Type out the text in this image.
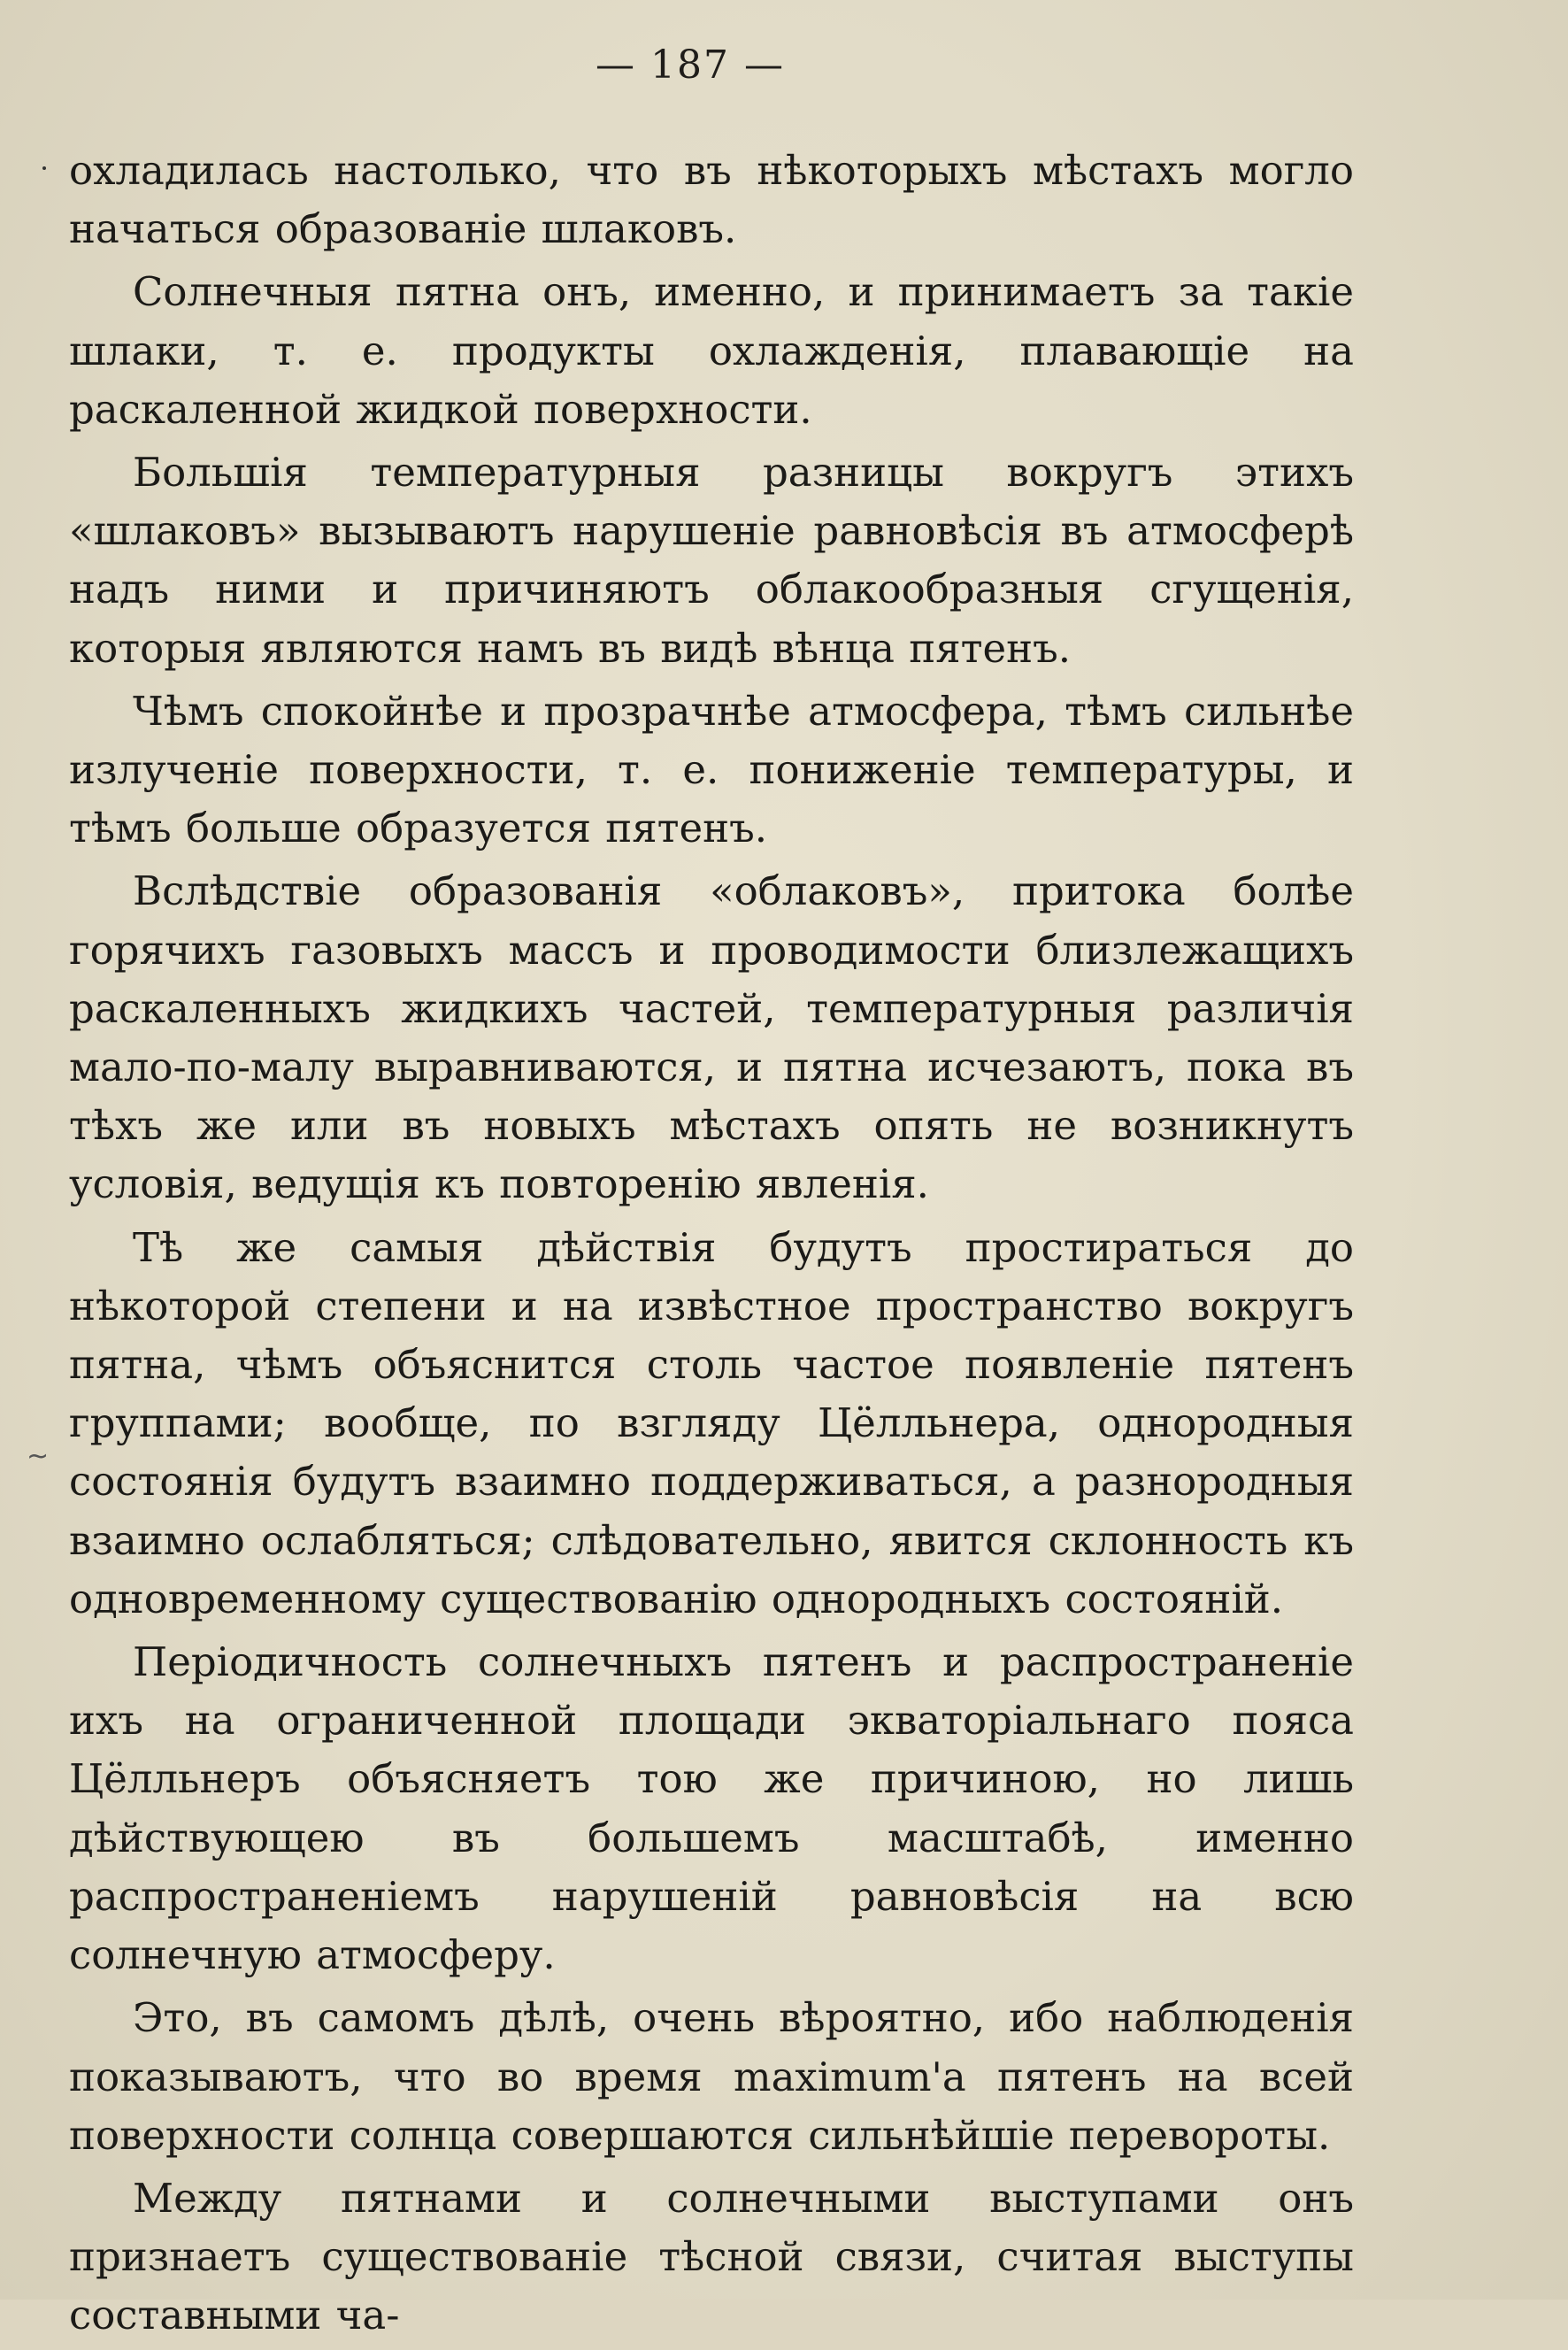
— 187 —

охладилась настолько, что въ нѣкоторыхъ мѣстахъ могло начаться образованіе шлаковъ.

Солнечныя пятна онъ, именно, и принимаетъ за такіе шлаки, т. е. продукты охлажденія, плавающіе на раскаленной жидкой поверхности.

Большія температурныя разницы вокругъ этихъ «шлаковъ» вызываютъ нарушеніе равновѣсія въ атмосферѣ надъ ними и причиняютъ облакообразныя сгущенія, которыя являются намъ въ видѣ вѣнца пятенъ.

Чѣмъ спокойнѣе и прозрачнѣе атмосфера, тѣмъ сильнѣе излученіе поверхности, т. е. пониженіе температуры, и тѣмъ больше образуется пятенъ.

Вслѣдствіе образованія «облаковъ», притока болѣе горячихъ газовыхъ массъ и проводимости близлежащихъ раскаленныхъ жидкихъ частей, температурныя различія мало-по-малу выравниваются, и пятна исчезаютъ, пока въ тѣхъ же или въ новыхъ мѣстахъ опять не возникнутъ условія, ведущія къ повторенію явленія.

Тѣ же самыя дѣйствія будутъ простираться до нѣкоторой степени и на извѣстное пространство вокругъ пятна, чѣмъ объяснится столь частое появленіе пятенъ группами; вообще, по взгляду Цёлльнера, однородныя состоянія будутъ взаимно поддерживаться, а разнородныя взаимно ослабляться; слѣдовательно, явится склонность къ одновременному существованію однородныхъ состояній.

Періодичность солнечныхъ пятенъ и распространеніе ихъ на ограниченной площади экваторіальнаго пояса Цёлльнеръ объясняетъ тою же причиною, но лишь дѣйствующею въ большемъ масштабѣ, именно распространеніемъ нарушеній равновѣсія на всю солнечную атмосферу.

Это, въ самомъ дѣлѣ, очень вѣроятно, ибо наблюденія показываютъ, что во время maximum'а пятенъ на всей поверхности солнца совершаются сильнѣйшіе перевороты.

Между пятнами и солнечными выступами онъ признаетъ существованіе тѣсной связи, считая выступы составными ча-

~
